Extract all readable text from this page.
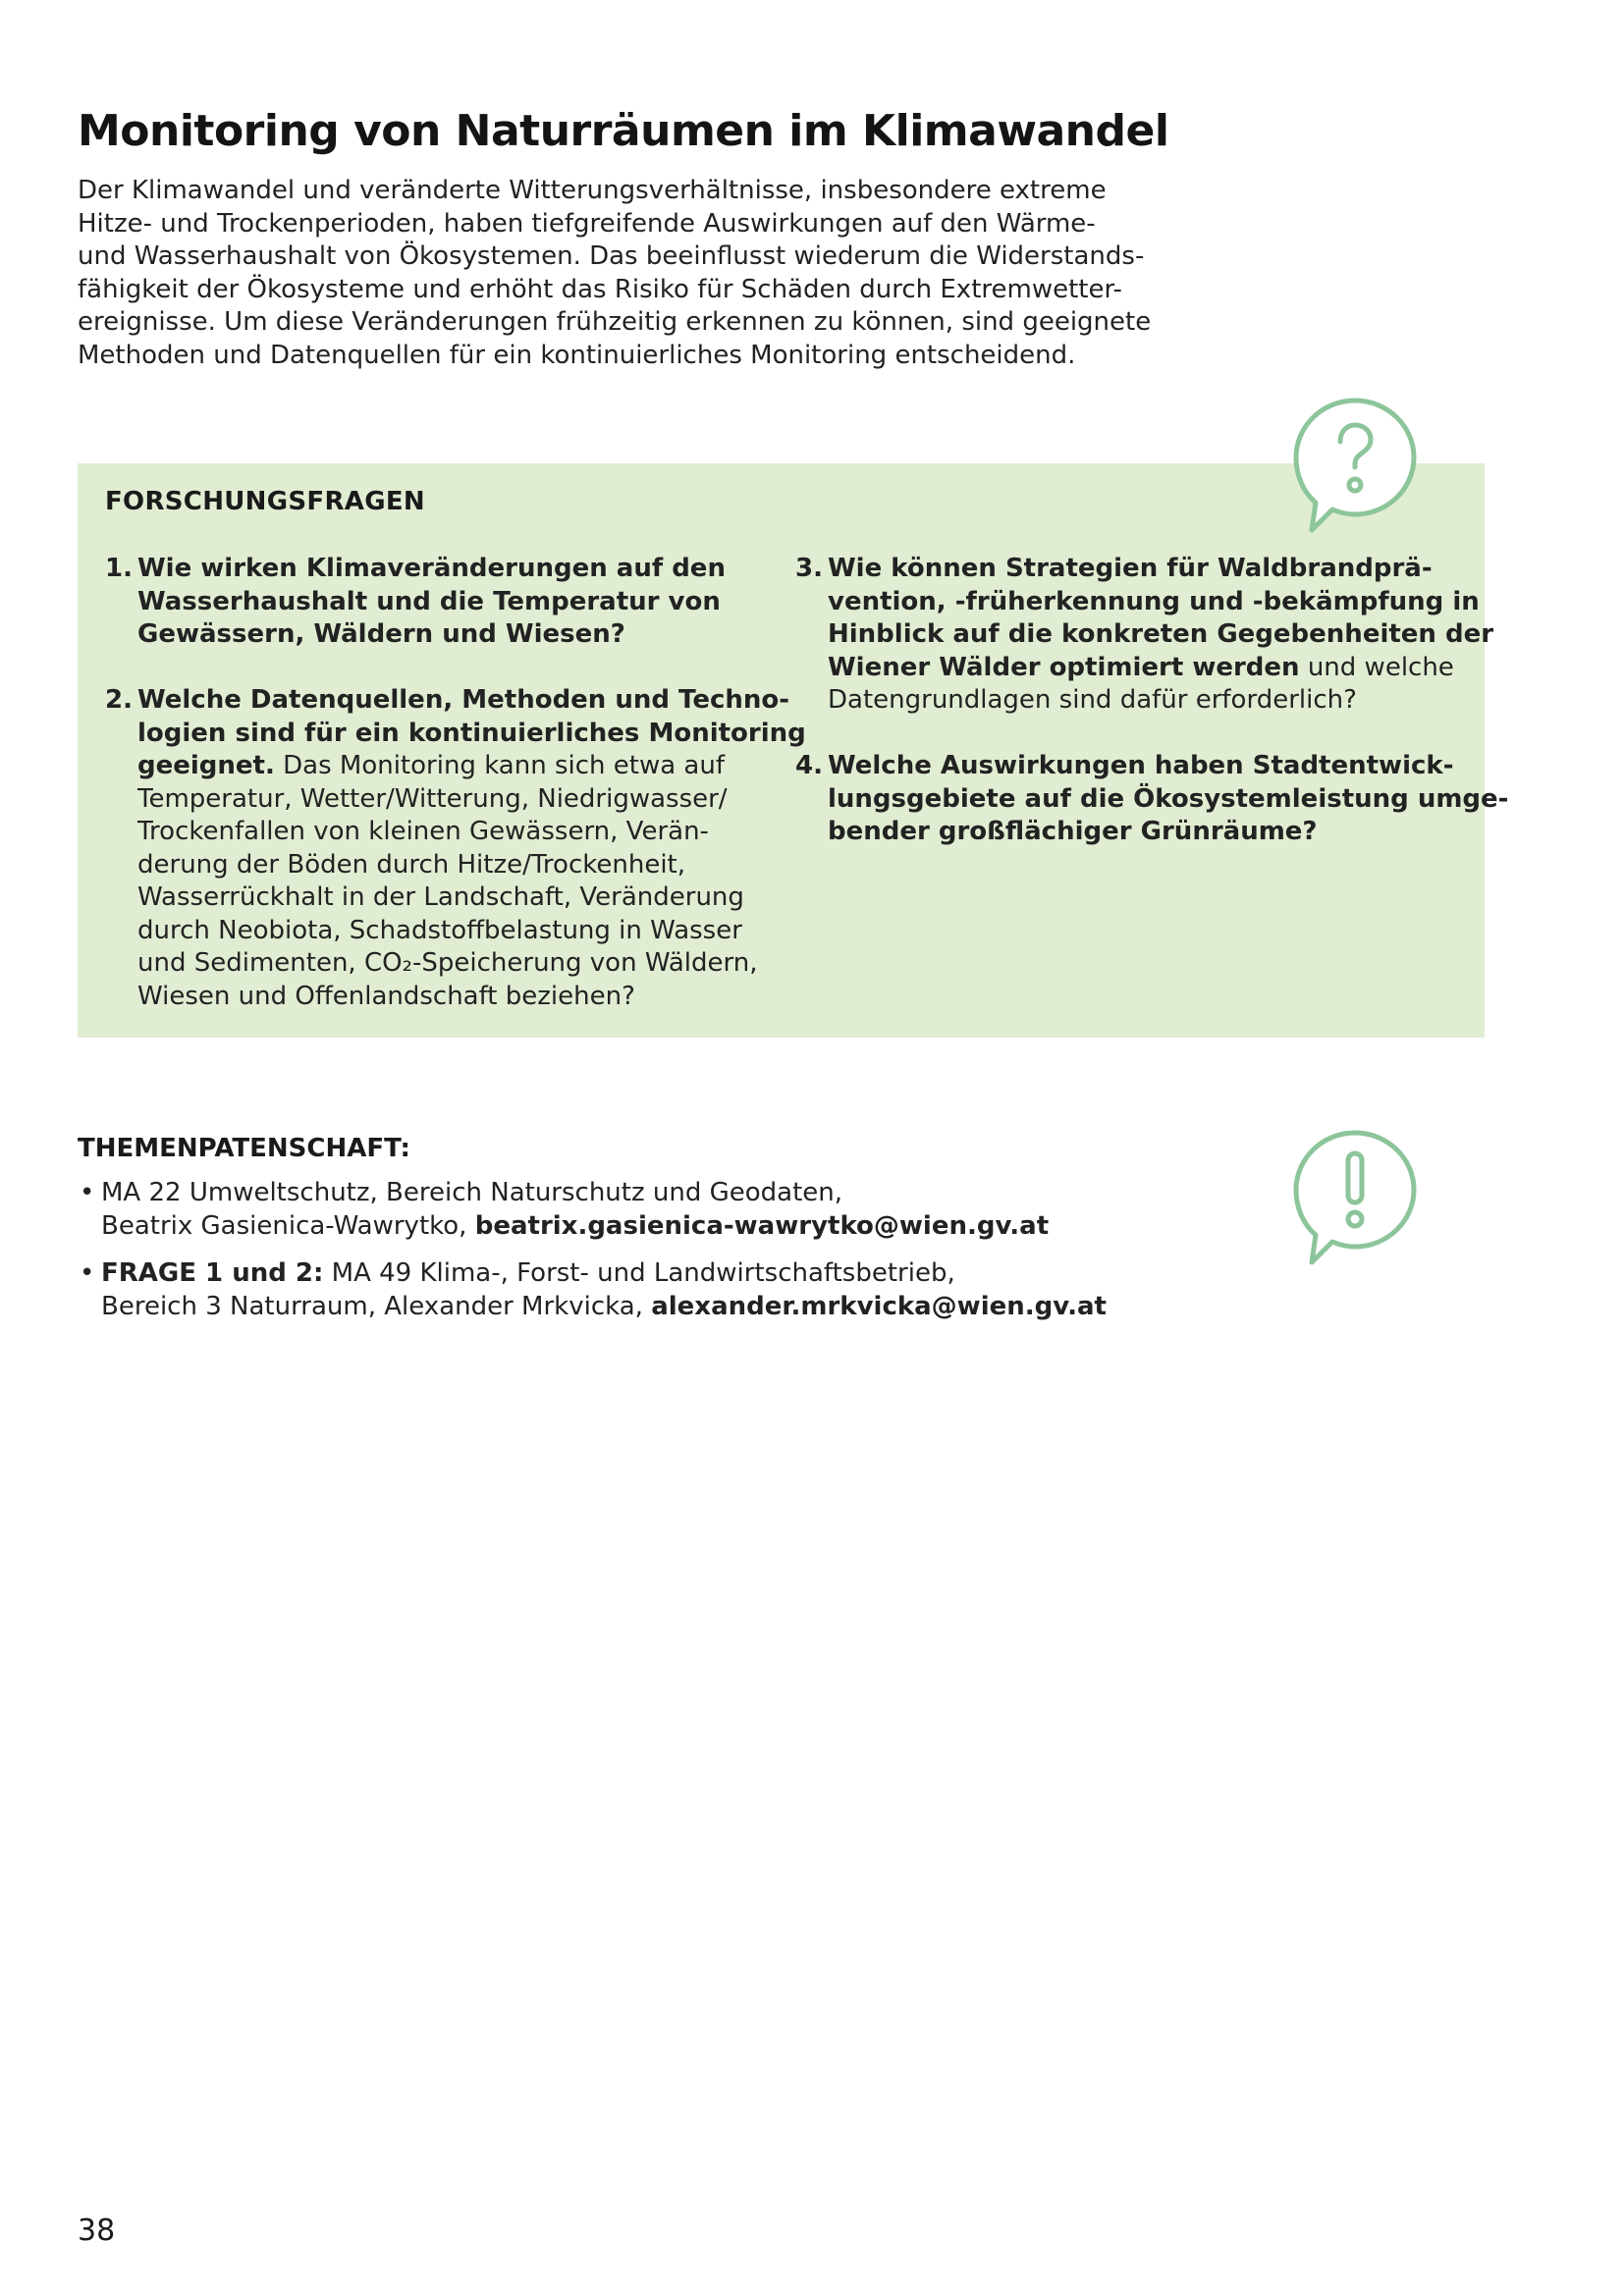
Monitoring von Naturräumen im Klimawandel
Der Klimawandel und veränderte Witterungsverhältnisse, insbesondere extreme
Hitze- und Trockenperioden, haben tiefgreifende Auswirkungen auf den Wärme-
und Wasserhaushalt von Ökosystemen. Das beeinflusst wiederum die Widerstands-
fähigkeit der Ökosysteme und erhöht das Risiko für Schäden durch Extremwetter-
ereignisse. Um diese Veränderungen frühzeitig erkennen zu können, sind geeignete
Methoden und Datenquellen für ein kontinuierliches Monitoring entscheidend.
FORSCHUNGSFRAGEN
1. Wie wirken Klimaveränderungen auf den
Wasserhaushalt und die Temperatur von
Gewässern, Wäldern und Wiesen?
2. Welche Datenquellen, Methoden und Techno-
logien sind für ein kontinuierliches Monitoring
geeignet. Das Monitoring kann sich etwa auf
Temperatur, Wetter/Witterung, Niedrigwasser/
Trockenfallen von kleinen Gewässern, Verän-
derung der Böden durch Hitze/Trockenheit,
Wasserrückhalt in der Landschaft, Veränderung
durch Neobiota, Schadstoffbelastung in Wasser
und Sedimenten, CO₂-Speicherung von Wäldern,
Wiesen und Offenlandschaft beziehen?
3. Wie können Strategien für Waldbrandprä-
vention, -früherkennung und -bekämpfung in
Hinblick auf die konkreten Gegebenheiten der
Wiener Wälder optimiert werden und welche
Datengrundlagen sind dafür erforderlich?
4. Welche Auswirkungen haben Stadtentwick-
lungsgebiete auf die Ökosystemleistung umge-
bender großflächiger Grünräume?
THEMENPATENSCHAFT:
• MA 22 Umweltschutz, Bereich Naturschutz und Geodaten,
Beatrix Gasienica-Wawrytko, beatrix.gasienica-wawrytko@wien.gv.at
• FRAGE 1 und 2: MA 49 Klima-, Forst- und Landwirtschaftsbetrieb,
Bereich 3 Naturraum, Alexander Mrkvicka, alexander.mrkvicka@wien.gv.at
38
